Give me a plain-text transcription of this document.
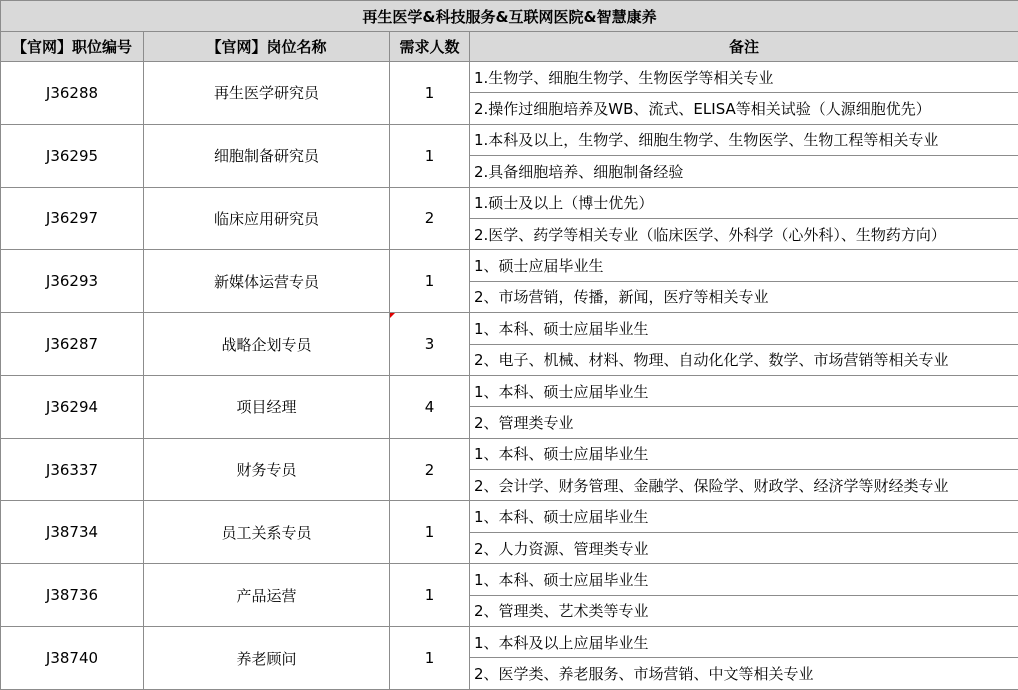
再生医学&科技服务&互联网医院&智慧康养			
【官网】职位编号	【官网】岗位名称	需求人数	备注
J36288	再生医学研究员	1	1.生物学、细胞生物学、生物医学等相关专业
			2.操作过细胞培养及WB、流式、ELISA等相关试验（人源细胞优先）
J36295	细胞制备研究员	1	1.本科及以上，生物学、细胞生物学、生物医学、生物工程等相关专业
			2.具备细胞培养、细胞制备经验
J36297	临床应用研究员	2	1.硕士及以上（博士优先）
			2.医学、药学等相关专业（临床医学、外科学（心外科）、生物药方向）
J36293	新媒体运营专员	1	1、硕士应届毕业生
			2、市场营销，传播，新闻，医疗等相关专业
J36287	战略企划专员	3	1、本科、硕士应届毕业生
			2、电子、机械、材料、物理、自动化化学、数学、市场营销等相关专业
J36294	项目经理	4	1、本科、硕士应届毕业生
			2、管理类专业
J36337	财务专员	2	1、本科、硕士应届毕业生
			2、会计学、财务管理、金融学、保险学、财政学、经济学等财经类专业
J38734	员工关系专员	1	1、本科、硕士应届毕业生
			2、人力资源、管理类专业
J38736	产品运营	1	1、本科、硕士应届毕业生
			2、管理类、艺术类等专业
J38740	养老顾问	1	1、本科及以上应届毕业生
			2、医学类、养老服务、市场营销、中文等相关专业
